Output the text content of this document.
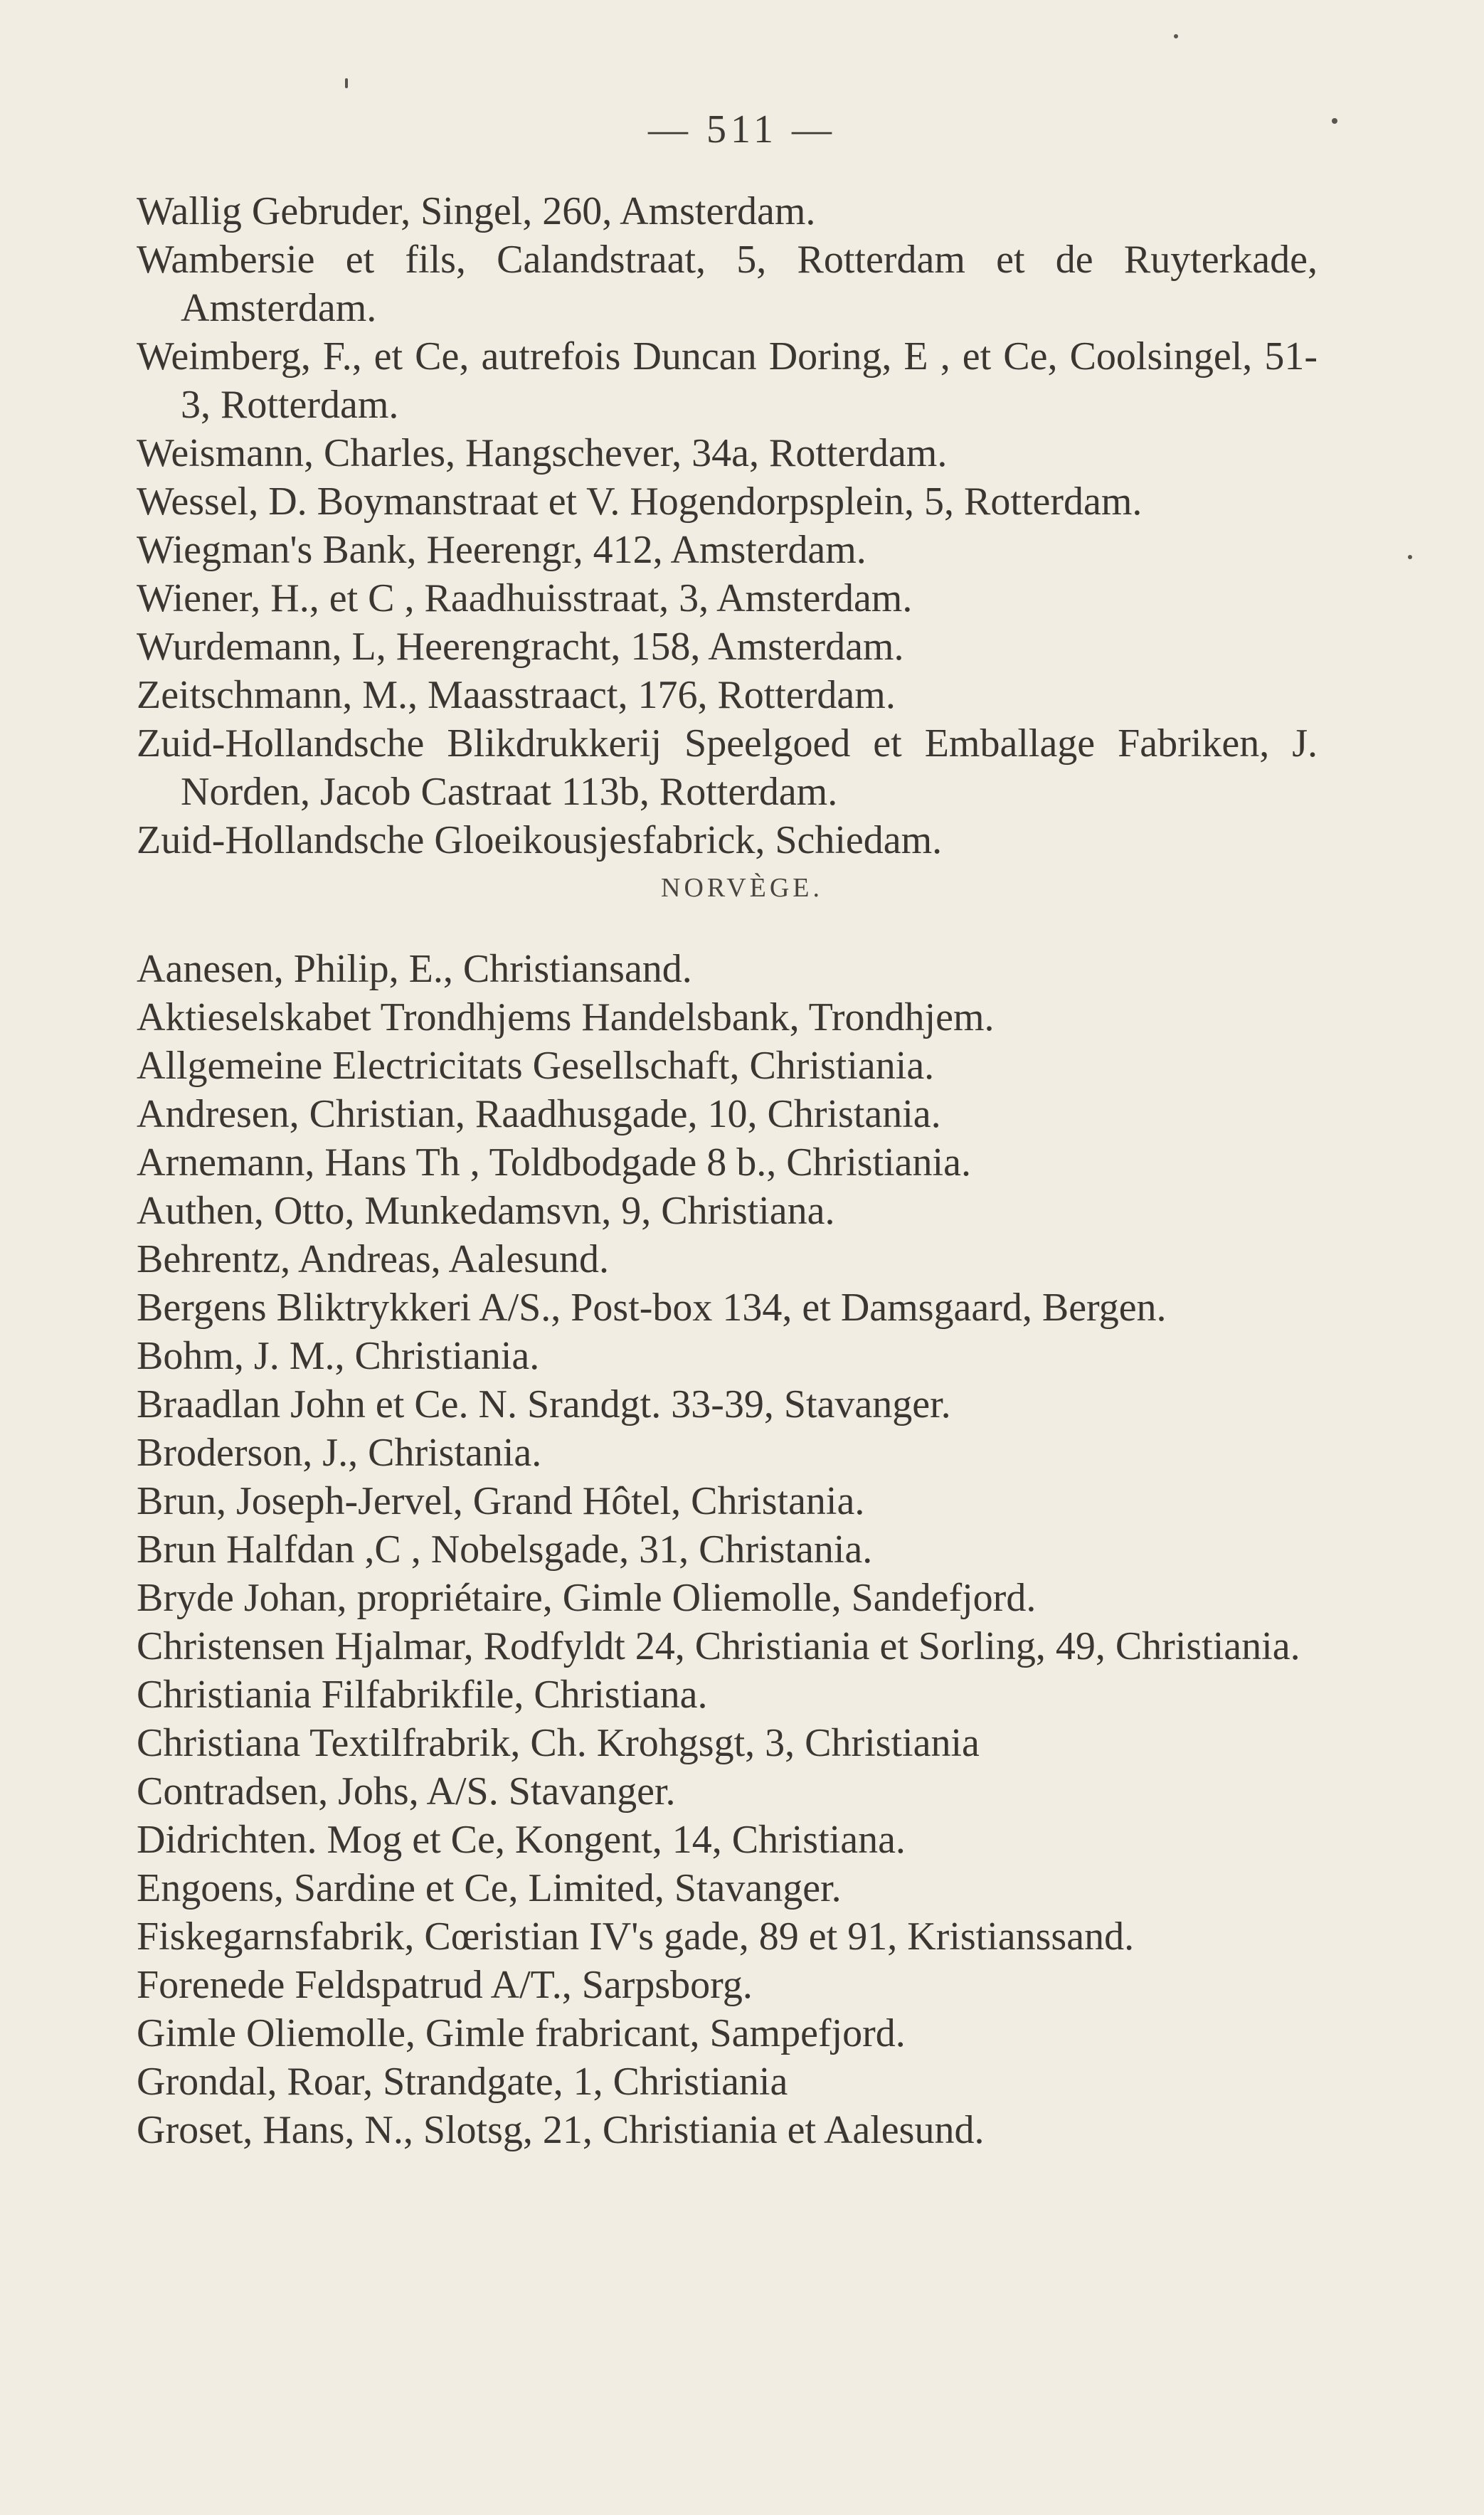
— 511 —

Wallig Gebruder, Singel, 260, Amsterdam.

Wambersie et fils, Calandstraat, 5, Rotterdam et de Ruyterkade, Amsterdam.

Weimberg, F., et Ce, autrefois Duncan Doring, E , et Ce, Coolsingel, 51-3, Rotterdam.

Weismann, Charles, Hangschever, 34a, Rotterdam.

Wessel, D. Boymanstraat et V. Hogendorpsplein, 5, Rotterdam.

Wiegman's Bank, Heerengr, 412, Amsterdam.

Wiener, H., et C , Raadhuisstraat, 3, Amsterdam.

Wurdemann, L, Heerengracht, 158, Amsterdam.

Zeitschmann, M., Maasstraact, 176, Rotterdam.

Zuid-Hollandsche Blikdrukkerij Speelgoed et Emballage Fabriken, J. Norden, Jacob Castraat 113b, Rotterdam.

Zuid-Hollandsche Gloeikousjesfabrick, Schiedam.

NORVÈGE.

Aanesen, Philip, E., Christiansand.

Aktieselskabet Trondhjems Handelsbank, Trondhjem.

Allgemeine Electricitats Gesellschaft, Christiania.

Andresen, Christian, Raadhusgade, 10, Christania.

Arnemann, Hans Th , Toldbodgade 8 b., Christiania.

Authen, Otto, Munkedamsvn, 9, Christiana.

Behrentz, Andreas, Aalesund.

Bergens Bliktrykkeri A/S., Post-box 134, et Damsgaard, Bergen.

Bohm, J. M., Christiania.

Braadlan John et Ce. N. Srandgt. 33-39, Stavanger.

Broderson, J., Christania.

Brun, Joseph-Jervel, Grand Hôtel, Christania.

Brun Halfdan ,C , Nobelsgade, 31, Christania.

Bryde Johan, propriétaire, Gimle Oliemolle, Sandefjord.

Christensen Hjalmar, Rodfyldt 24, Christiania et Sorling, 49, Christiania.

Christiania Filfabrikfile, Christiana.

Christiana Textilfrabrik, Ch. Krohgsgt, 3, Christiania

Contradsen, Johs, A/S. Stavanger.

Didrichten. Mog et Ce, Kongent, 14, Christiana.

Engoens, Sardine et Ce, Limited, Stavanger.

Fiskegarnsfabrik, Cœristian IV's gade, 89 et 91, Kristianssand.

Forenede Feldspatrud A/T., Sarpsborg.

Gimle Oliemolle, Gimle frabricant, Sampefjord.

Grondal, Roar, Strandgate, 1, Christiania

Groset, Hans, N., Slotsg, 21, Christiania et Aalesund.
